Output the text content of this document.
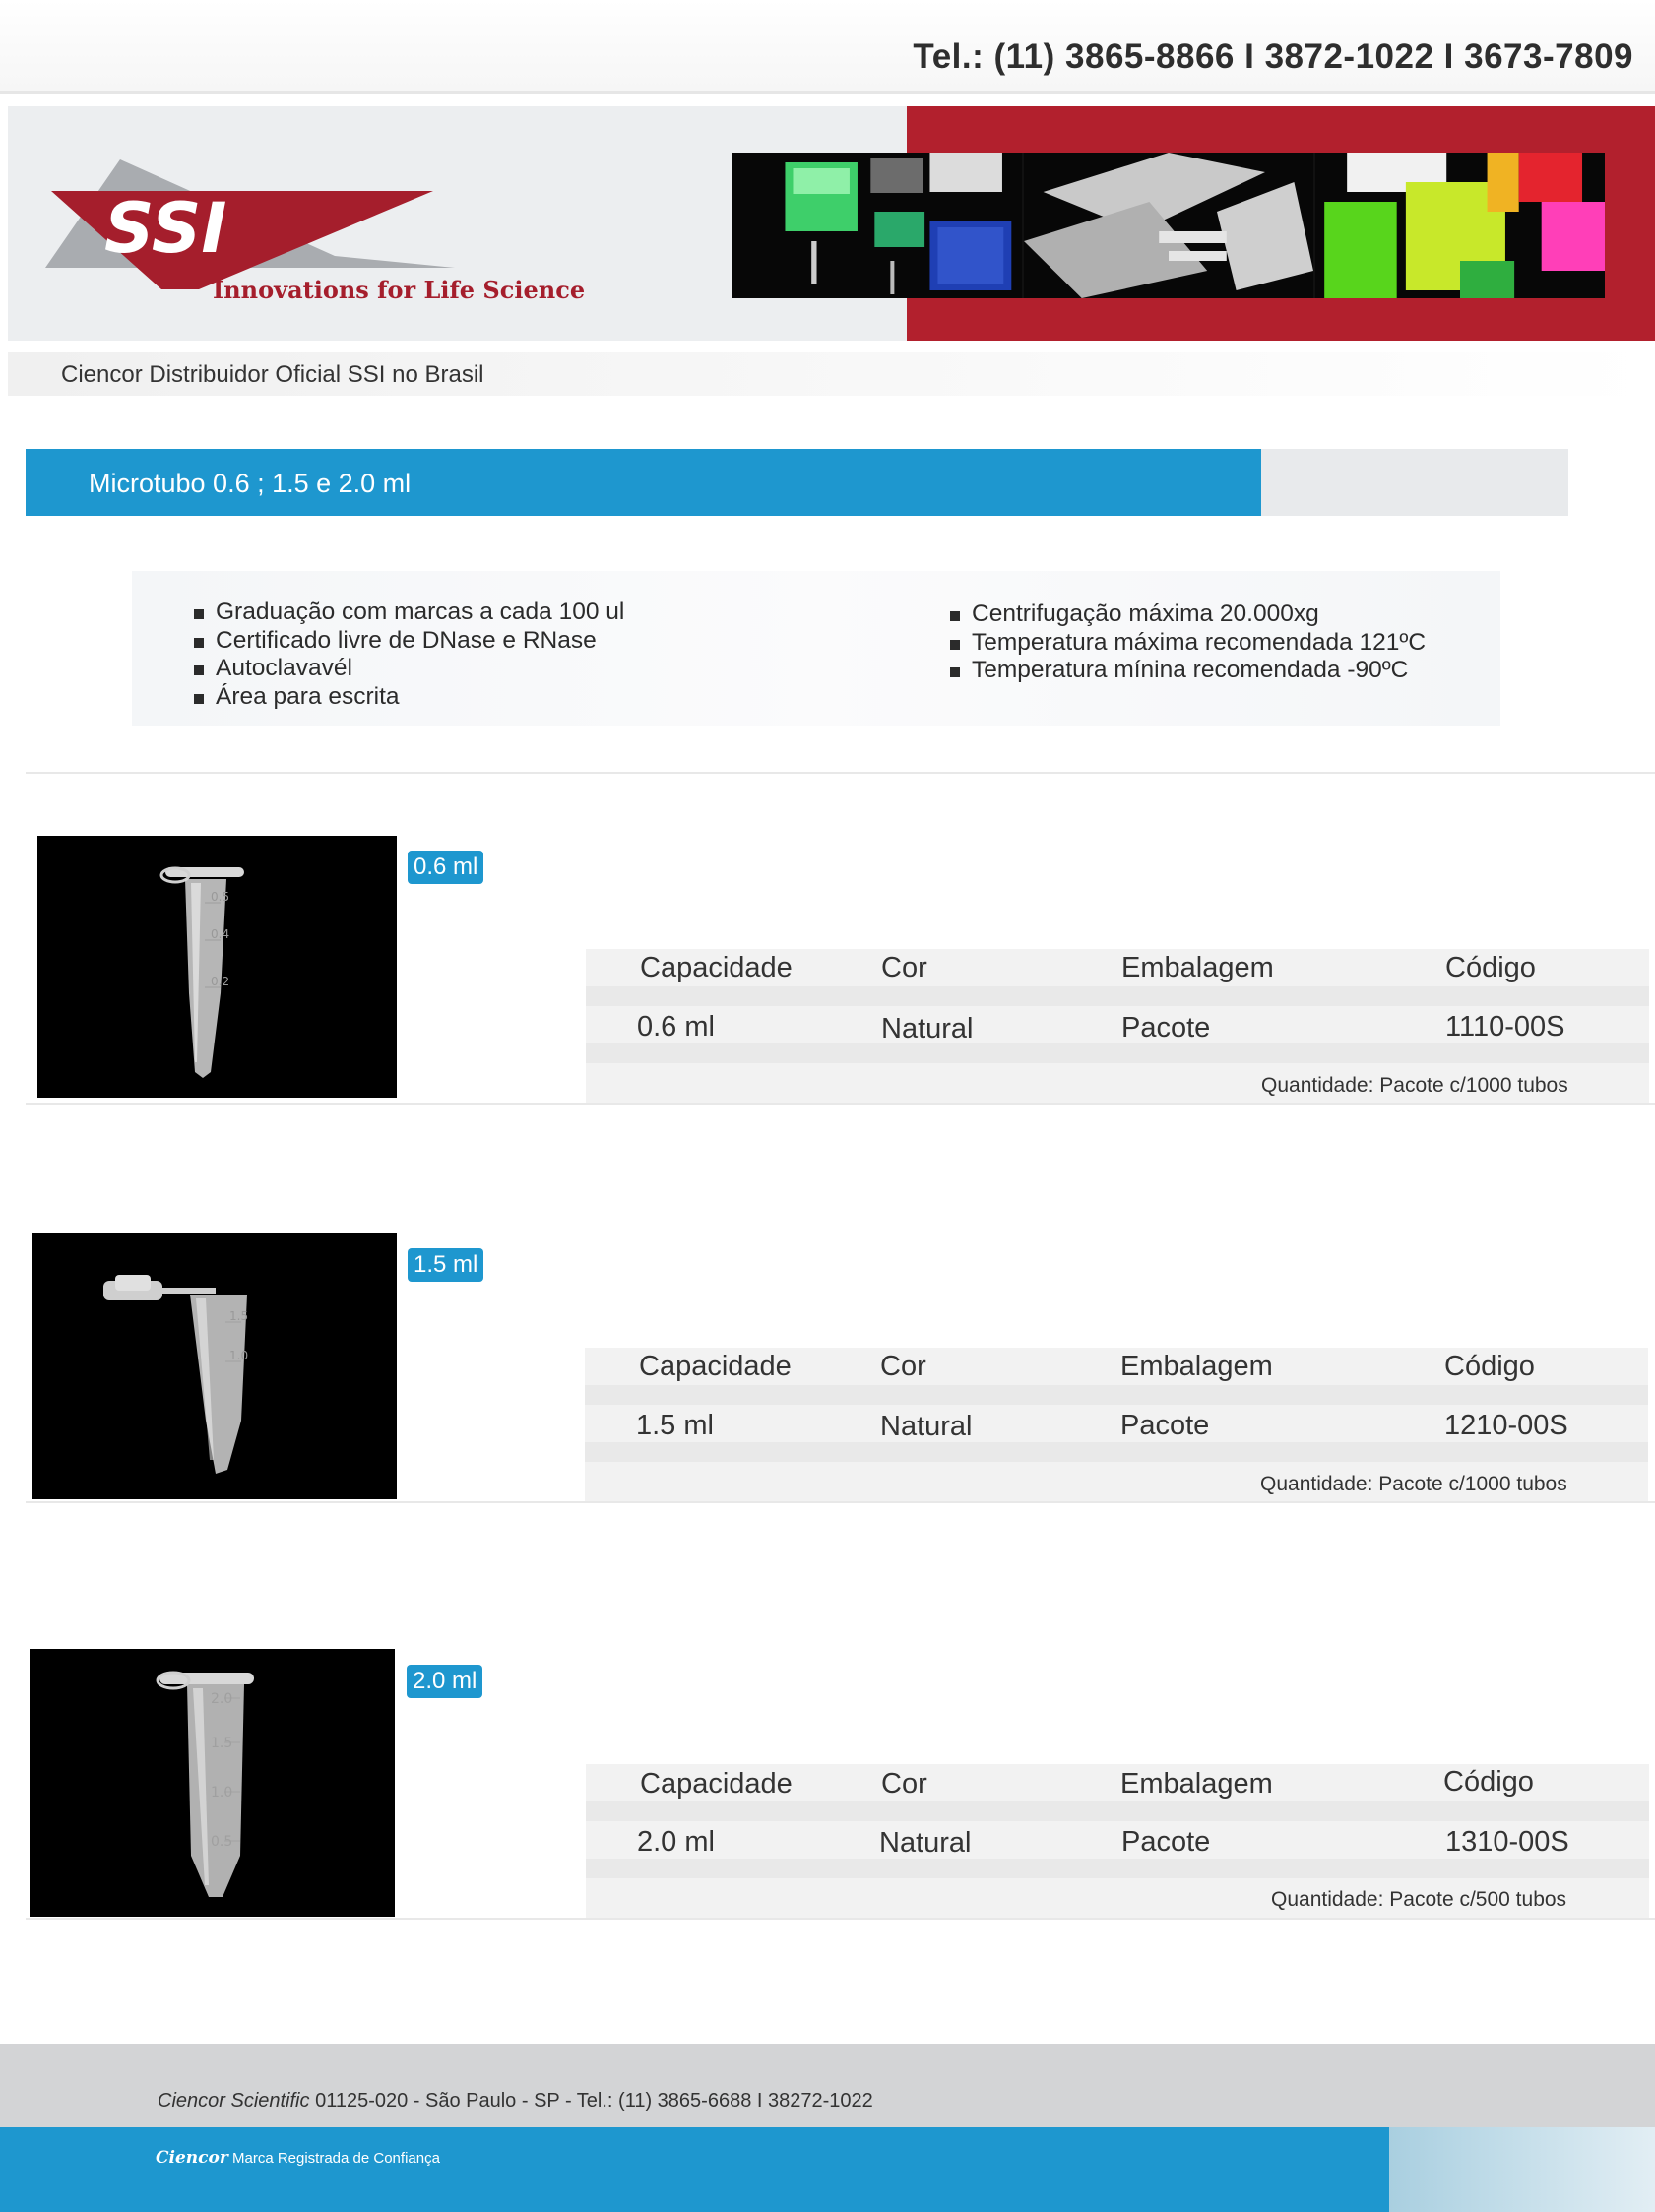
Tel.: (11) 3865-8866 I 3872-1022 I 3673-7809
SSI
Innovations for Life Science
Ciencor Distribuidor Oficial SSI no Brasil
Microtubo 0.6 ; 1.5 e 2.0 ml
Graduação com marcas a cada 100 ul
Certificado livre de DNase e RNase
Autoclavavél
Área para escrita
Centrifugação máxima 20.000xg
Temperatura máxima recomendada 121ºC
Temperatura mínina recomendada -90ºC
0.5
0.4
0.2
0.6 ml
Capacidade	Cor	Embalagem	Código
0.6 ml	Natural	Pacote	1110-00S
Quantidade: Pacote c/1000 tubos
1.5
1.0
1.5 ml
Capacidade	Cor	Embalagem	Código
1.5 ml	Natural	Pacote	1210-00S
Quantidade: Pacote c/1000 tubos
2.0
1.5
1.0
0.5
2.0 ml
Capacidade	Cor	Embalagem	Código
2.0 ml	Natural	Pacote	1310-00S
Quantidade: Pacote c/500 tubos
Ciencor Scientific 01125-020 - São Paulo - SP - Tel.: (11) 3865-6688 I 38272-1022
Ciencor Marca Registrada de Confiança
